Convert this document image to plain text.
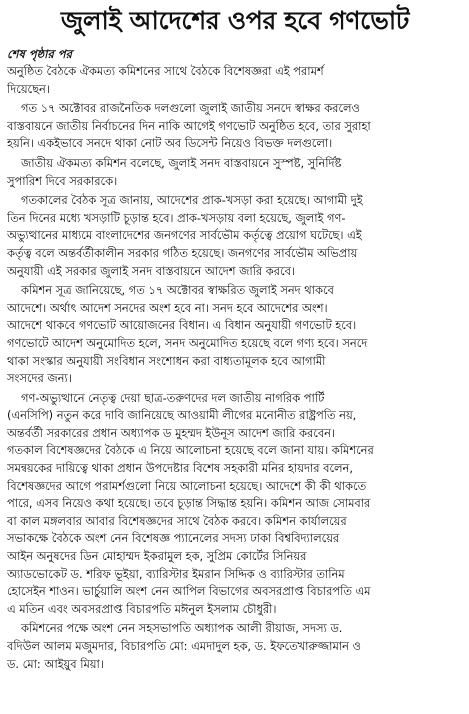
জুলাই আদেশের ওপর হবে গণভোট
শেষ পৃষ্ঠার পর

অনুষ্ঠিত বৈঠকে ঐকমত্য কমিশনের সাথে বৈঠকে বিশেষজ্ঞরা এই পরামর্শ
দিয়েছেন।

গত ১৭ অক্টোবর রাজনৈতিক দলগুলো জুলাই জাতীয় সনদে স্বাক্ষর করলেও
বাস্তবায়নে জাতীয় নির্বাচনের দিন নাকি আগেই গণভোট অনুষ্ঠিত হবে, তার সুরাহা
হয়নি। একইভাবে সনদে থাকা নোট অব ডিসেন্ট নিয়েও বিভক্ত দলগুলো।

জাতীয় ঐকমত্য কমিশন বলেছে, জুলাই সনদ বাস্তবায়নে সুস্পষ্ট, সুনির্দিষ্ট
সুপারিশ দিবে সরকারকে।

গতকালের বৈঠক সূত্র জানায়, আদেশের প্রাক-খসড়া করা হয়েছে। আগামী দুই
তিন দিনের মধ্যে খসড়াটি চূড়ান্ত হবে। প্রাক-খসড়ায় বলা হয়েছে, জুলাই গণ-
অভ্যুত্থানের মাধ্যমে বাংলাদেশের জনগণের সার্বভৌম কর্তৃত্বে প্রয়োগ ঘটেছে। এই
কর্তৃত্ব বলে অন্তর্বর্তীকালীন সরকার গঠিত হয়েছে। জনগণের সার্বভৌম অভিপ্রায়
অনুযায়ী এই সরকার জুলাই সনদ বাস্তবায়নে আদেশ জারি করবে।

কমিশন সূত্র জানিয়েছে, গত ১৭ অক্টোবর স্বাক্ষরিত জুলাই সনদ থাকবে
আদেশে। অর্থাৎ আদেশ সনদের অংশ হবে না। সনদ হবে আদেশের অংশ।
আদেশে থাকবে গণভোট আয়োজনের বিধান। এ বিধান অনুযায়ী গণভোট হবে।
গণভোটে আদেশ অনুমোদিত হলে, সনদ অনুমোদিত হয়েছে বলে গণ্য হবে। সনদে
থাকা সংস্কার অনুযায়ী সংবিধান সংশোধন করা বাধ্যতামূলক হবে আগামী
সংসদের জন্য।

গণ-অভ্যুত্থানে নেতৃত্ব দেয়া ছাত্র-তরুণদের দল জাতীয় নাগরিক পার্টি
(এনসিপি) নতুন করে দাবি জানিয়েছে আওয়ামী লীগের মনোনীত রাষ্ট্রপতি নয়,
অন্তর্বর্তী সরকারের প্রধান অধ্যাপক ড মুহম্মদ ইউনূস আদেশ জারি করবেন।
গতকাল বিশেষজ্ঞদের বৈঠকে এ নিয়ে আলোচনা হয়েছে বলে জানা যায়। কমিশনের
সমন্বয়কের দায়িত্বে থাকা প্রধান উপদেষ্টার বিশেষ সহকারী মনির হায়দার বলেন,
বিশেষজ্ঞদের আগে পরামর্শগুলো নিয়ে আলোচনা হয়েছে। আদেশে কী কী থাকতে
পারে, এসব নিয়েও কথা হয়েছে। তবে চূড়ান্ত সিদ্ধান্ত হয়নি। কমিশন আজ সোমবার
বা কাল মঙ্গলবার আবার বিশেষজ্ঞদের সাথে বৈঠক করবে। কমিশন কার্যালয়ের
সভাকক্ষে বৈঠকে অংশ নেন বিশেষজ্ঞ প্যানেলের সদস্য ঢাকা বিশ্ববিদ্যালয়ের
আইন অনুষদের ডিন মোহাম্মদ ইকরামুল হক, সুপ্রিম কোর্টের সিনিয়র
অ্যাডভোকেট ড. শরিফ ভূইয়া, ব্যারিস্টার ইমরান সিদ্দিক ও ব্যারিস্টার তানিম
হোসেইন শাওন। ভার্চুয়ালি অংশ নেন আপিল বিভাগের অবসরপ্রাপ্ত বিচারপতি এম
এ মতিন এবং অবসরপ্রাপ্ত বিচারপতি মঈনুল ইসলাম চৌধুরী।

কমিশনের পক্ষে অংশ নেন সহসভাপতি অধ্যাপক আলী রীয়াজ, সদস্য ড.
বদিউল আলম মজুমদার, বিচারপতি মো: এমদাদুল হক, ড. ইফতেখারুজ্জামান ও
ড. মো: আইয়ুব মিয়া।
